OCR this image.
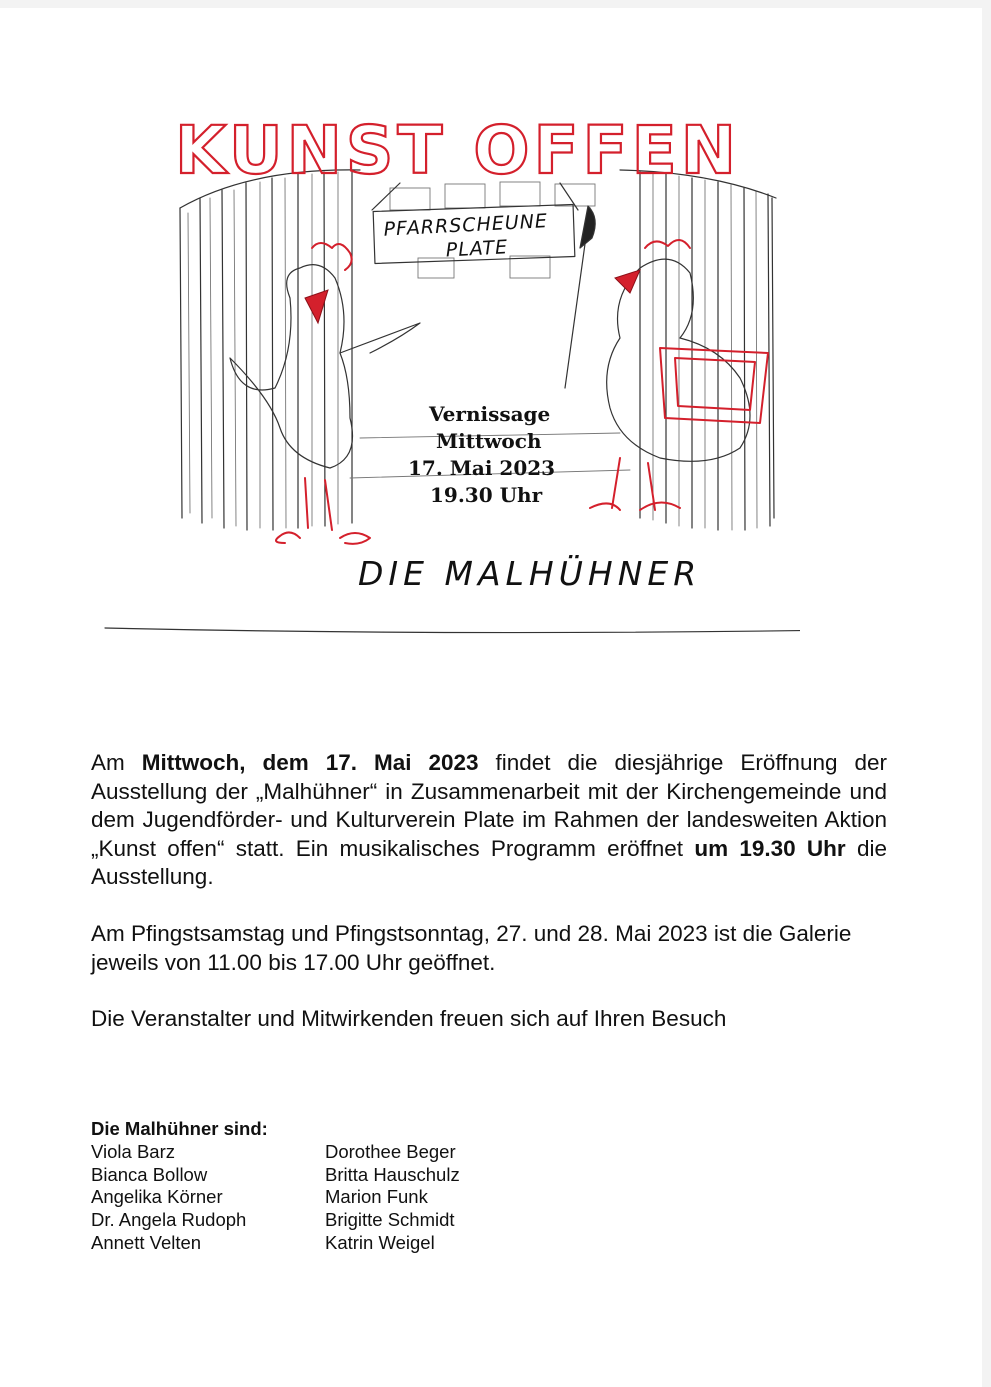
PFARRSCHEUNE
PLATE
KUNST OFFEN
Vernissage
Mittwoch
17. Mai 2023
19.30 Uhr
DIE MALHÜHNER

Am Mittwoch, dem 17. Mai 2023 findet die diesjährige Eröffnung der Ausstellung der „Malhühner“ in Zusammenarbeit mit der Kirchengemeinde und dem Jugendförder- und Kulturverein Plate im Rahmen der landesweiten Aktion „Kunst offen“ statt. Ein musikalisches Programm eröffnet um 19.30 Uhr die Ausstellung.

Am Pfingstsamstag und Pfingstsonntag, 27. und 28. Mai 2023 ist die Galerie jeweils von 11.00 bis 17.00 Uhr geöffnet.

Die Veranstalter und Mitwirkenden freuen sich auf Ihren Besuch

Die Malhühner sind:
Viola Barz
Bianca Bollow
Angelika Körner
Dr. Angela Rudoph
Annett Velten
Dorothee Beger
Britta Hauschulz
Marion Funk
Brigitte Schmidt
Katrin Weigel
